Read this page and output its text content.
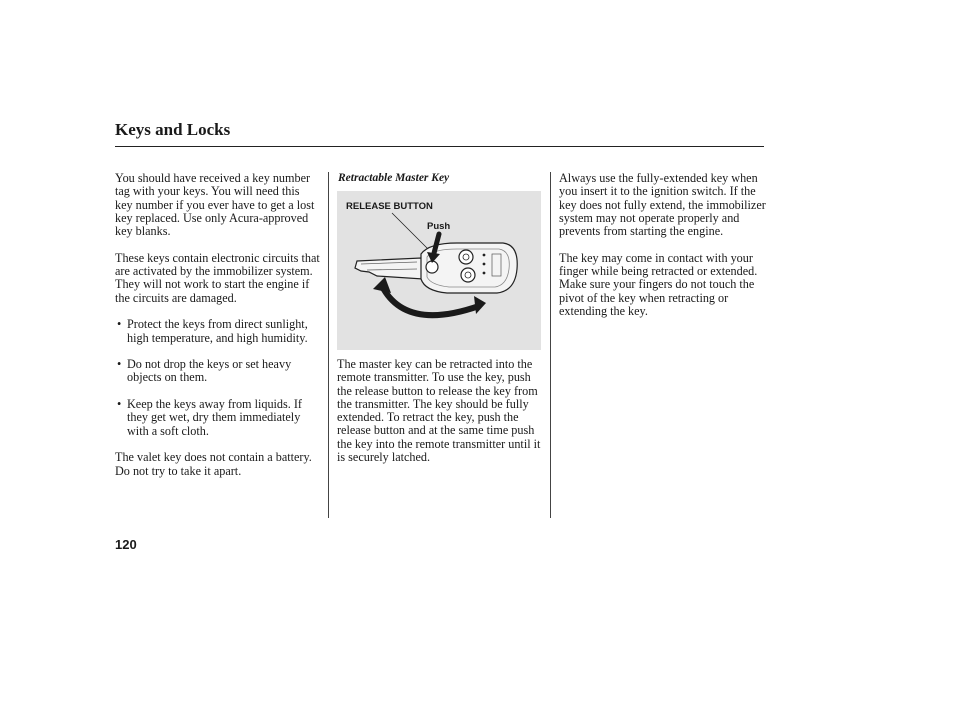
Keys and Locks

You should have received a key number tag with your keys. You will need this key number if you ever have to get a lost key replaced. Use only Acura-approved key blanks.

These keys contain electronic circuits that are activated by the immobilizer system. They will not work to start the engine if the circuits are damaged.

• Protect the keys from direct sunlight, high temperature, and high humidity.
• Do not drop the keys or set heavy objects on them.
• Keep the keys away from liquids. If they get wet, dry them immediately with a soft cloth.

The valet key does not contain a battery. Do not try to take it apart.

Retractable Master Key
RELEASE BUTTON
Push

The master key can be retracted into the remote transmitter. To use the key, push the release button to release the key from the transmitter. The key should be fully extended. To retract the key, push the release button and at the same time push the key into the remote transmitter until it is securely latched.

Always use the fully-extended key when you insert it to the ignition switch. If the key does not fully extend, the immobilizer system may not operate properly and prevents from starting the engine.

The key may come in contact with your finger while being retracted or extended. Make sure your fingers do not touch the pivot of the key when retracting or extending the key.

120
